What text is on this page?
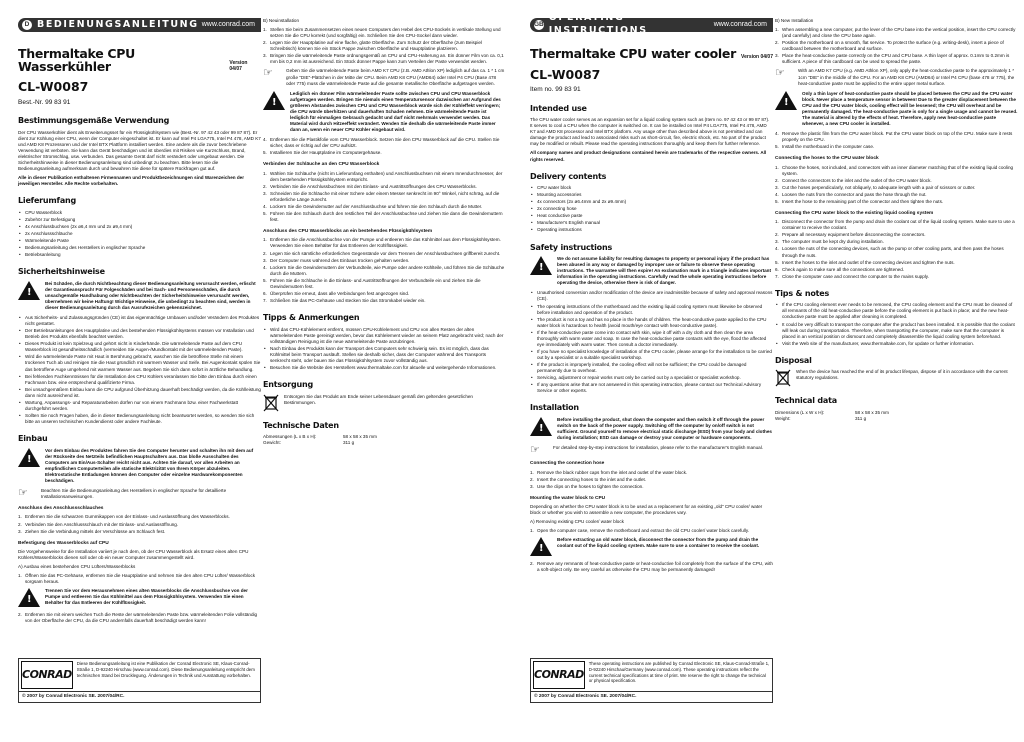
D BEDIENUNGSANLEITUNG www.conrad.com
Thermaltake CPU Wasserkühler	Version 04/07
CL-W0087
Best.-Nr. 99 83 91
Bestimmungsgemäße Verwendung

Der CPU Wasserkühler dient als Erweiterungsset für ein Flüssigkühlsystem wie (Best.-Nr. 97 42 43 oder 99 87 87). Er dient zur Kühlung einer CPU, wenn der Computer eingeschaltet ist. Er kann auf Intel P4 LGA775, Intel P4 478, AMD K7 und AMD K8 Prozessoren und der Intel BTX Plattform installiert werden. Eine andere als die zuvor beschriebene Verwendung ist verboten. Sie kann das Gerät beschädigen und ist überdies mit Risiken wie Kurzschluss, Brand, elektrischer Stromschlag, usw. verbunden. Das gesamte Gerät darf nicht verändert oder umgebaut werden. Die Sicherheitshinweise in dieser Bedienungsanleitung sind unbedingt zu beachten. Bitte lesen Sie die Bedienungsanleitung aufmerksam durch und bewahren Sie diese für spätere Rückfragen gut auf.

Alle in dieser Publikation enthaltenen Firmennamen und Produktbezeichnungen sind Warenzeichen der jeweiligen Hersteller. Alle Rechte vorbehalten.

Lieferumfang
• CPU Wasserblock
• Zubehör zur Befestigung
• 4x Anschlussbuchsen (2x ø6,4 mm und 2x ø9,4 mm)
• 2x Anschlussschläuche
• Wärmeleitende Paste
• Bedienungsanleitung des Herstellers in englischer Sprache
• Betriebsanleitung
Sicherheitshinweise
!
Bei Schäden, die durch Nichtbeachtung dieser Bedienungsanleitung verursacht werden, erlischt der Garantieanspruch! Für Folgeschäden und bei Sach- und Personenschäden, die durch unsachgemäße Handhabung oder Nichtbeachten der Sicherheitshinweise verursacht werden, übernehmen wir keine Haftung! Wichtige Hinweise, die unbedingt zu beachten sind, werden in dieser Bedienungsanleitung durch das Ausrufezeichen gekennzeichnet.
• Aus Sicherheits- und Zulassungsgründen (CE) ist das eigenmächtige Umbauen und/oder Verändern des Produktes nicht gestattet.
• Der Betriebsanleitungen des Hauptplatine und des bestehenden Flüssigkühlsystems müssen vor Installation und Betrieb des Produkts ebenfalls beachtet werden.
• Dieses Produkt ist kein Spielzeug und gehört nicht in Kinderhände. Die wärmeleitende Paste auf dem CPU Wasserblock ist gesundheitsschädlich (vermeiden Sie Augen-/Mundkontakt mit der wärmeleitenden Paste).
• Wird die wärmeleitende Paste mit Haut in Berührung gebracht, waschen Sie die betroffene Stelle mit einem trockenen Tuch ab und reinigen Sie die Haut gründlich mit warmem Wasser und Seife. Bei Augenkontakt spülen Sie das betroffene Auge umgehend mit warmem Wasser aus. Begeben Sie sich dann sofort in ärztliche Behandlung.
• Bei fehlenden Fachkenntnissen für die Installation des CPU Kühlers veranlassen Sie bitte den Einbau durch einen Fachmann bzw. eine entsprechend qualifizierte Firma.
• Bei unsachgemäßem Einbau kann die CPU aufgrund Überhitzung dauerhaft beschädigt werden, da die Kühlleistung dann nicht ausreichend ist.
• Wartung, Anpassungs- und Reparaturarbeiten dürfen nur von einem Fachmann bzw. einer Fachwerkstatt durchgeführt werden.
• Sollten Sie noch Fragen haben, die in dieser Bedienungsanleitung nicht beantwortet werden, so wenden Sie sich bitte an unseren technischen Kundendienst oder andere Fachleute.
Einbau
!
Vor dem Einbau des Produktes fahren Sie den Computer herunter und schalten ihn mit dem auf der Rückseite des Netzteils befindlichen Hauptschalters aus. Das bloße Ausschalten des Computers am Ein/Aus-Schalter reicht nicht aus. Achten Sie darauf, vor allen Arbeiten an empfindlichen Computerteilen alle statische Elektrizität von Ihrem Körper abzuleiten. Elektrostatische Entladungen können den Computer oder einzelne Hardwarekomponenten beschädigen.
☞	Beachten Sie die Bedienungsanleitung des Herstellers in englischer Sprache für detaillierte Installationsanweisungen.
Anschluss des Anschlussschlauches
1. Entfernen Sie die schwarzen Gummikappen von der Einlass- und Auslassöffnung des Wasserblocks.
2. Verbinden Sie den Anschlussschlauch mit der Einlass- und Auslassöffnung.
3. Ziehen Sie die Verbindung mittels der Verschlüsse am Schlauch fest.
Befestigung des Wasserblocks auf CPU

Die Vorgehensweise für die Installation variiert je nach dem, ob der CPU Wasserblock als Ersatz eines alten CPU Kühlers/Wasserblocks dienen soll oder ob ein neuer Computer zusammengestellt wird.

A) Ausbau eines bestehenden CPU Lüfters/Wasserblocks

1. Öffnen Sie das PC-Gehäuse, entfernen Sie die Hauptplatine und nehmen Sie den alten CPU Lüfter/ Wasserblock sorgsam heraus.
!
Trennen Sie vor dem Herausnehmen eines alten Wasserblocks die Anschlussbuchse von der Pumpe und entleeren Sie das Kühlmittel aus dem Flüssigkühlsystem. Verwenden Sie einen Behälter für das Entleeren der Kühlflüssigkeit.
2. Entfernen Sie mit einem weichen Tuch die Reste der wärmeleitenden Paste bzw. wärmeleitenden Folie vollständig von der Oberfläche der CPU, da die CPU andernfalls dauerhaft beschädigt werden kann!
CONRAD
Diese Bedienungsanleitung ist eine Publikation der Conrad Electronic SE, Klaus-Conrad- Straße 1, D-92240 Hirschau (www.conrad.com). Diese Bedienungsanleitung entspricht dem technischen Stand bei Drucklegung. Änderungen in Technik und Ausstattung vorbehalten.
© 2007 by Conrad Electronic SE. 2007/04/RC.

B) Neuinstallation

1. Stellen Sie beim Zusammensetzen eines neuen Computers den Hebel des CPU-Sockels in vertikale Stellung und setzen Sie die CPU korrekt (und sorgfältig) ein. Schließen Sie den CPU-Sockel dann wieder.
2. Legen Sie der Hauptplatine auf eine flache, glatte Oberfläche. Zum Schutz der Oberfläche (zum Beispiel Schreibtisch) können Sie ein Stück Pappe zwischen Oberfläche und Hauptplatine platzieren.
3. Bringen Sie die wärmeleitende Paste ordnungsgemäß an CPU und CPU-Halterung an. Ein dünner Film von ca. 0,1 mm bis 0,2 mm ist ausreichend. Ein Stück dünner Pappe kann zum Verteilen der Paste verwendet werden.
☞	Geben Sie die wärmeleitende Paste beim AMD K7 CPU (z.B. AMD Athlon XP) lediglich auf das ca. 1 * 1 cm große "DIE"-Plättchen in der Mitte der CPU. Beim AMD K8 CPU (AMD64) oder Intel P4 CPU (Base 478 oder 775) muss die wärmeleitende Paste auf die gesamte metallische Oberfläche aufgetragen werden.
!
Lediglich ein dünner Film wärmeleitender Paste sollte zwischen CPU und CPU Wasserblock aufgetragen werden. Bringen Sie niemals einen Temperatursensor dazwischen an! Aufgrund des größeren Abstandes zwischen CPU und CPU Wasserblock würde sich der Kühleffekt verringern; die CPU würde überhitzen und dauerhaften Schaden nehmen. Die wärmeleitende Paste ist lediglich für einmaligen Gebrauch gedacht und darf nicht mehrmals verwendet werden. Das Material wird durch Hitzeeffekt verändert. Wenden Sie deshalb die wärmeleitende Paste immer dann an, wenn ein neuer CPU Kühler eingebaut wird.
4. Entfernen Sie die Plastikfolie vom CPU Wasserblock. Setzen Sie den CPU Wasserblock auf die CPU. Stellen Sie sicher, dass er richtig auf der CPU aufsitzt.
5. Installieren Sie der Hauptplatine im Computergehäuse.
Verbinden der Schläuche an den CPU Wasserblock
1. Wählen Sie Schläuche (nicht im Lieferumfang enthalten) und Anschlussbuchsen mit einem Innendurchmesser, der dem bestehenden Flüssigkühlsystem entspricht.
2. Verbinden Sie die Anschlussbuchsen mit den Einlass- und Austrittsöffnungen des CPU Wasserblocks.
3. Schneiden Sie die Schläuche mit einer Schere oder einem Messer senkrecht im 90° Winkel, nicht schräg, auf die erforderliche Länge zurecht.
4. Lockern Sie die Gewindemutter auf der Anschlussbuchse und führen Sie den Schlauch durch die Mutter.
5. Führen Sie den Schlauch durch den restlichen Teil der Anschlussbuchse und ziehen Sie dann die Gewindemuttern fest.
Anschluss des CPU Wasserblocks an ein bestehendes Flüssigkühlsystem
1. Entfernen Sie die Anschlussbuchse von der Pumpe und entleeren Sie das Kühlmittel aus dem Flüssigkühlsystem. Verwenden Sie einen Behälter für das Entleeren der Kühlflüssigkeit.
2. Legen Sie sich sämtliche erforderlichen Gegenstände vor dem Trennen der Anschlussbuchsen griffbereit zurecht.
3. Der Computer muss während des Einbaus trocken gehalten werden.
4. Lockern Sie die Gewindemuttern der Verbundteile, wie Pumpe oder andere Kühlteile, und führen Sie die Schläuche durch die Muttern.
5. Führen Sie die Schläuche in die Einlass- und Austrittsöffnungen der Verbundteile ein und ziehen Sie die Gewindemuttern fest.
6. Überprüfen Sie erneut, dass alle Verbindungen fest angezogen sind.
7. Schließen Sie das PC-Gehäuse und stecken Sie das Stromkabel wieder ein.
Tipps & Anmerkungen
• Wird das CPU-Kühlelement entfernt, müssen CPU-Kühlelement und CPU von allen Resten der alten wärmeleitenden Paste gereinigt werden, bevor das Kühlelement wieder an seinem Platz angebracht wird; nach der vollständigen Reinigung ist die neue wärmeleitende Paste anzubringen.
• Nach Einbau des Produkts kann der Transport des Computers sehr schwierig sein. Es ist möglich, dass das Kühlmittel beim Transport ausläuft. Stellen sie deshalb sicher, dass der Computer während des Transports senkrecht steht, oder bauen Sie das Flüssigkühlsystem zuvor vollständig aus.
• Besuchen Sie die Website des Herstellers www.thermaltake.com für aktuelle und weitergehende Informationen.
Entsorgung
Entsorgen Sie das Produkt am Ende seiner Lebensdauer gemäß den geltenden gesetzlichen Bestimmungen.
Technische Daten
Abmessungen (L x B x H):	58 x 58 x 35 mm
Gewicht:	311 g
GB
OPERATING INSTRUCTIONS
www.conrad.com
Thermaltake CPU water cooler Version 04/07
CL-W0087
Item no. 99 83 91
Intended use

The CPU water cooler serves as an expansion set for a liquid cooling system such as (Item no. 97 42 43 or 99 87 87). It serves to cool a CPU when the computer is switched on. It can be installed on Intel P4 LGA775, Intel P4 478, AMD K7 and AMD K8 processor and Intel BTX platform. Any usage other than described above is not permitted and can damage the product and lead to associated risks such as short-circuit, fire, electric shock, etc. No part of the product may be modified or rebuilt. Please read the operating instructions thoroughly and keep them for further reference.

All company names and product designations contained herein are trademarks of the respective owners. All rights reserved.

Delivery contents
• CPU water block
• Mounting accessories
• 4x connectors (2x ø6.4mm and 2x ø9.4mm)
• 2x connecting hose
• Heat conductive paste
• Manufacturer's English manual
• Operating instructions
Safety instructions
!
We do not assume liability for resulting damages to property or personal injury if the product has been abused in any way or damaged by improper use or failure to observe these operating instructions. The warrantee will then expire! An exclamation mark in a triangle indicates important information in the operating instructions. Carefully read the whole operating instructions before operating the device, otherwise there is risk of danger.
• Unauthorised conversion and/or modification of the device are inadmissible because of safety and approval reasons (CE).
• The operating instructions of the motherboard and the existing liquid cooling system must likewise be observed before installation and operation of the product.
• The product is not a toy and has no place in the hands of children. The heat-conductive paste applied to the CPU water block is hazardous to health (avoid mouth/eye contact with heat-conductive paste).
• If the heat-conductive paste come into contact with skin, wipe it off with a dry cloth and then clean the area thoroughly with warm water and soap. In case the heat-conductive paste contacts with the eye, flood the affected eye immediately with warm water. Then consult a doctor immediately.
• If you have no specialist knowledge of installation of the CPU cooler, please arrange for the installation to be carried out by a specialist or a suitable specialist workshop.
• If the product is improperly installed, the cooling effect will not be sufficient; the CPU could be damaged permanently due to overheat.
• Servicing, adjustment or repair works must only be carried out by a specialist or specialist workshop.
• If any questions arise that are not answered in this operating instruction, please contact our Technical Advisory Service or other experts.
Installation
!
Before installing the product, shut down the computer and then switch it off through the power switch on the back of the power supply. Switching off the computer by on/off switch is not sufficient. Ground yourself to remove electrical static discharge (ESD) from your body and clothes during installation; ESD can damage or destroy your computer or hardware components.
☞	For detailed step-by-step instructions for installation, please refer to the manufacturer's English manual.
Connecting the connection hose
1. Remove the black rubber caps from the inlet and outlet of the water block.
2. Insert the connecting hoses to the inlet and the outlet.
3. Use the clips on the hoses to tighten the connection.
Mounting the water block to CPU

Depending on whether the CPU water block is to be used as a replacement for an existing „old" CPU cooler/ water block or whether you wish to assemble a new computer, the procedures vary.

A) Removing existing CPU cooler/ water block

1. Open the computer case, remove the motherboard and extract the old CPU cooler/ water block carefully.
!
Before extracting an old water block, disconnect the connector from the pump and drain the coolant out of the liquid cooling system. Make sure to use a container to receive the coolant.
2. Remove any remnants of heat-conductive paste or heat-conductive foil completely from the surface of the CPU, with a soft-object only. Be very careful as otherwise the CPU may be permanently damaged!
CONRAD
These operating instructions are published by Conrad Electronic SE, Klaus-Conrad-Straße 1, D-92240 Hirschau/Germany (www.conrad.com). These operating instructions reflect the current technical specifications at time of print. We reserve the right to change the technical or physical specification.
© 2007 by Conrad Electronic SE. 2007/04/RC.

B) New Installation

1. When assembling a new computer, put the lever of the CPU base into the vertical position, insert the CPU correctly (and carefully) and close the CPU base again.
2. Position the motherboard on a smooth, flat service. To protect the surface (e.g. writing-desk), insert a piece of cardboard between the motherboard and surface.
3. Place the heat-conductive paste correctly on the CPU and CPU base. A thin layer of approx. 0.1mm to 0.2mm is sufficient. A piece of thin cardboard can be used to spread the paste.
☞	With an AMD K7 CPU (e.g. AMD Athlon XP), only apply the heat-conductive paste to the approximately 1 * 1cm "DIE" in the middle of the CPU. For an AMD K8 CPU (AMD64) or Intel P4 CPU (base 478 or 775), the heat-conductive paste must be applied to the entire upper metal surface.
!
Only a thin layer of heat-conductive paste should be placed between the CPU and the CPU water block. Never place a temperature sensor in between! Due to the greater displacement between the CPU and the CPU water block, cooling effect will be lessened; the CPU will overheat and be permanently damaged. The heat-conductive paste is only for a single usage and cannot be reused. The material is altered by the effects of heat. Therefore, apply new heat-conductive paste whenever, a new CPU cooler is installed.
4. Remove the plastic film from the CPU water block. Put the CPU water block on top of the CPU. Make sure it rests properly on the CPU.
5. Install the motherboard in the computer case.
Connecting the hoses to the CPU water block
1. Choose the hoses, not included, and connectors with an inner diameter matching that of the existing liquid cooling system.
2. Connect the connectors to the inlet and the outlet of the CPU water block.
3. Cut the hoses perpendicularly, not obliquely, to adequate length with a pair of scissors or cutter.
4. Loosen the nuts from the connector and pass the hose through the nut.
5. Insert the hose to the remaining part of the connector and then tighten the nuts.
Connecting the CPU water block to the existing liquid cooling system
1. Disconnect the connector from the pump and drain the coolant out of the liquid cooling system. Make sure to use a container to receive the coolant.
2. Prepare all necessary equipment before disconnecting the connectors.
3. The computer must be kept dry during installation.
4. Loosen the nuts of the connecting devices, such as the pump or other cooling parts, and then pass the hoses through the nuts.
5. Insert the hoses to the inlet and outlet of the connecting devices and tighten the nuts.
6. Check again to make sure all the connections are tightened.
7. Close the computer case and connect the computer to the mains supply.
Tips & notes
• If the CPU cooling element ever needs to be removed, the CPU cooling element and the CPU must be cleaned of all remnants of the old heat-conductive paste before the cooling element is put back in place; and the new heat-conductive paste must be applied after cleaning is completed.
• It could be very difficult to transport the computer after the product has been installed. It is possible that the coolant will leak out during transportation. Therefore, when transporting the computer, make sure that the computer is placed in an vertical position or dismount and completely disassemble the liquid cooling system beforehand.
• Visit the Web site of the manufacturer, www.thermaltake.com, for update or further information.
Disposal
When the device has reached the end of its product lifespan, dispose of it in accordance with the current statutory regulations.
Technical data
Dimensions (L x W x H):	58 x 58 x 35 mm
Weight:	311 g
